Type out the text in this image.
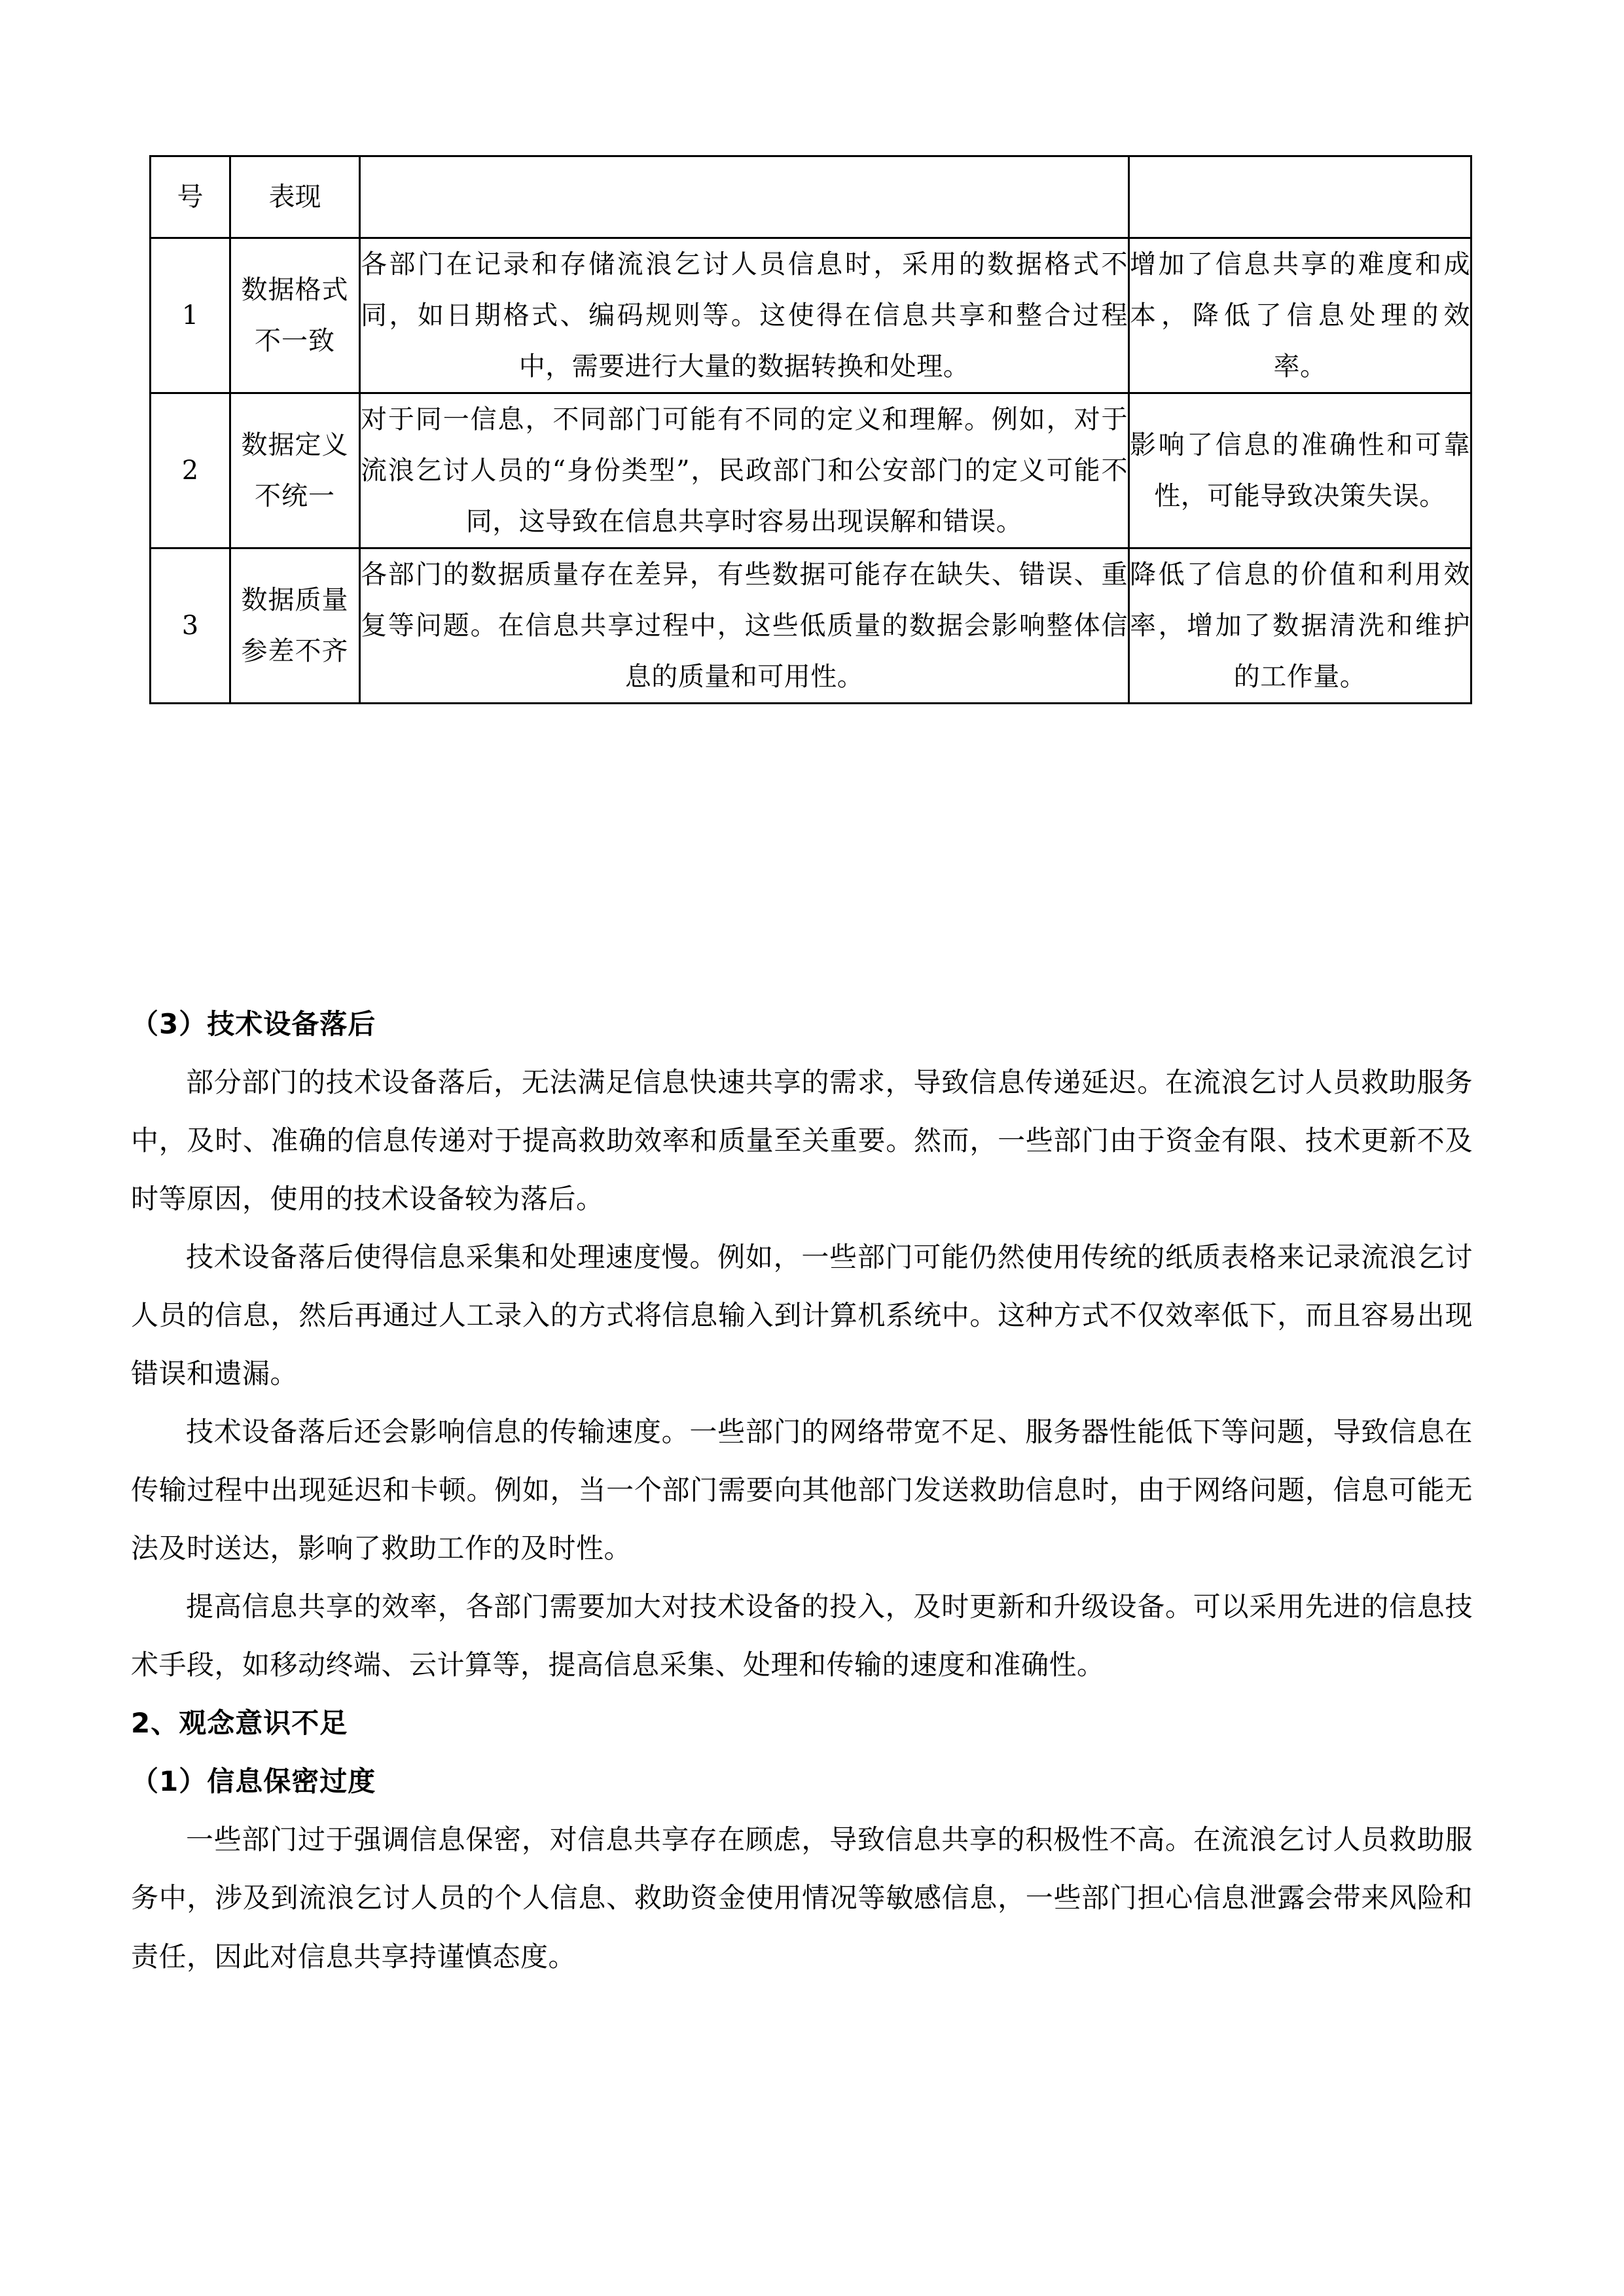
号	表现		
1	数据格式不一致	各部门在记录和存储流浪乞讨人员信息时，采用的数据格式不同，如日期格式、编码规则等。这使得在信息共享和整合过程中，需要进行大量的数据转换和处理。	增加了信息共享的难度和成本，降低了信息处理的效率。
2	数据定义不统一	对于同一信息，不同部门可能有不同的定义和理解。例如，对于流浪乞讨人员的“身份类型”，民政部门和公安部门的定义可能不同，这导致在信息共享时容易出现误解和错误。	影响了信息的准确性和可靠性，可能导致决策失误。
3	数据质量参差不齐	各部门的数据质量存在差异，有些数据可能存在缺失、错误、重复等问题。在信息共享过程中，这些低质量的数据会影响整体信息的质量和可用性。	降低了信息的价值和利用效率，增加了数据清洗和维护的工作量。

（3）技术设备落后

部分部门的技术设备落后，无法满足信息快速共享的需求，导致信息传递延迟。在流浪乞讨人员救助服务中，及时、准确的信息传递对于提高救助效率和质量至关重要。然而，一些部门由于资金有限、技术更新不及时等原因，使用的技术设备较为落后。

技术设备落后使得信息采集和处理速度慢。例如，一些部门可能仍然使用传统的纸质表格来记录流浪乞讨人员的信息，然后再通过人工录入的方式将信息输入到计算机系统中。这种方式不仅效率低下，而且容易出现错误和遗漏。

技术设备落后还会影响信息的传输速度。一些部门的网络带宽不足、服务器性能低下等问题，导致信息在传输过程中出现延迟和卡顿。例如，当一个部门需要向其他部门发送救助信息时，由于网络问题，信息可能无法及时送达，影响了救助工作的及时性。

提高信息共享的效率，各部门需要加大对技术设备的投入，及时更新和升级设备。可以采用先进的信息技术手段，如移动终端、云计算等，提高信息采集、处理和传输的速度和准确性。

2、观念意识不足

（1）信息保密过度

一些部门过于强调信息保密，对信息共享存在顾虑，导致信息共享的积极性不高。在流浪乞讨人员救助服务中，涉及到流浪乞讨人员的个人信息、救助资金使用情况等敏感信息，一些部门担心信息泄露会带来风险和责任，因此对信息共享持谨慎态度。
